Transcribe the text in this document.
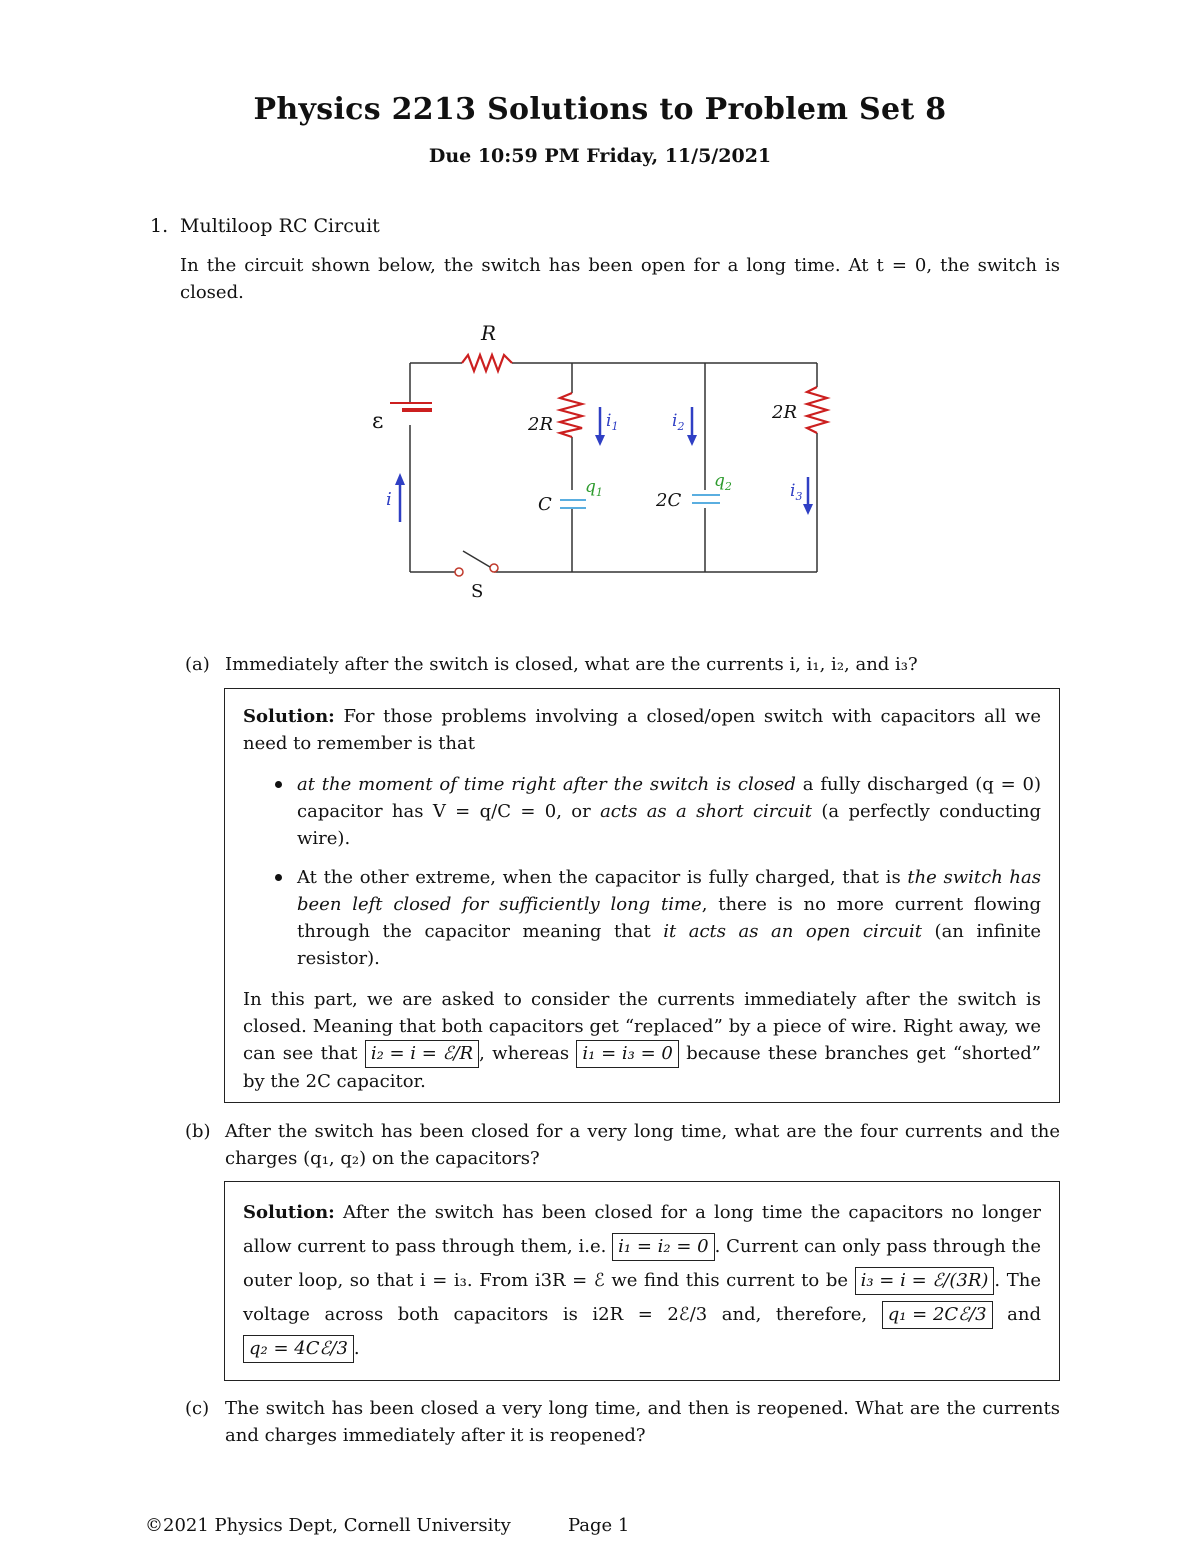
Physics 2213 Solutions to Problem Set 8
Due 10:59 PM Friday, 11/5/2021
1. Multiloop RC Circuit
In the circuit shown below, the switch has been open for a long time. At t = 0, the switch is closed.
R
ε
i
2R	$i_1$	$i_2$
2R
$q_1$
C	2C
$q_2$	$i_3$
S
(a) Immediately after the switch is closed, what are the currents i, i₁, i₂, and i₃?

Solution: For those problems involving a closed/open switch with capacitors all we need to remember is that

at the moment of time right after the switch is closed a fully discharged (q = 0) capacitor has V = q/C = 0, or acts as a short circuit (a perfectly conducting wire).
At the other extreme, when the capacitor is fully charged, that is the switch has been left closed for sufficiently long time, there is no more current flowing through the capacitor meaning that it acts as an open circuit (an infinite resistor).

In this part, we are asked to consider the currents immediately after the switch is closed. Meaning that both capacitors get “replaced” by a piece of wire. Right away, we can see that i₂ = i = ℰ/R , whereas i₁ = i₃ = 0 because these branches get “shorted” by the 2C capacitor.

(b) After the switch has been closed for a very long time, what are the four currents and the charges (q₁, q₂) on the capacitors?

Solution: After the switch has been closed for a long time the capacitors no longer allow current to pass through them, i.e. i₁ = i₂ = 0 . Current can only pass through the outer loop, so that i = i₃. From i3R = ℰ we find this current to be i₃ = i = ℰ/(3R) . The voltage across both capacitors is i2R = 2ℰ/3 and, therefore, q₁ = 2Cℰ/3 and q₂ = 4Cℰ/3 .

(c) The switch has been closed a very long time, and then is reopened. What are the currents and charges immediately after it is reopened?
©2021 Physics Dept, Cornell University	Page 1
